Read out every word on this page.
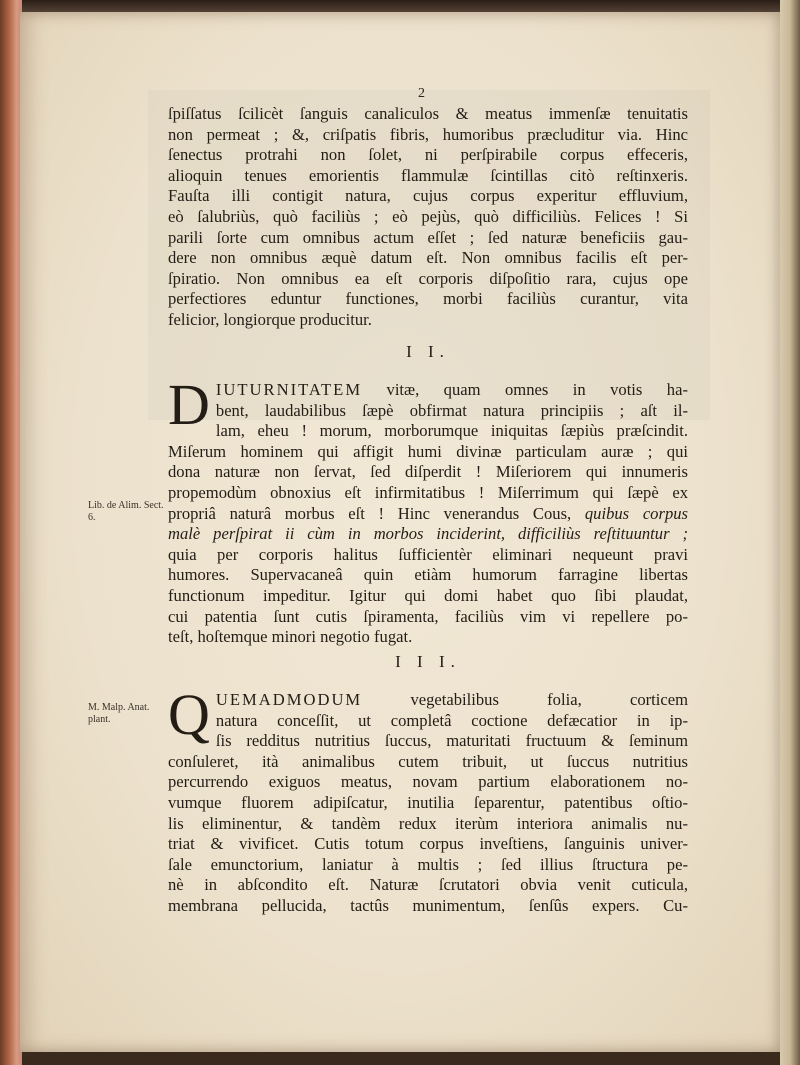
2
ſpiſſatus ſcilicèt ſanguis canaliculos & meatus immenſæ tenuitatis
non permeat ; &, criſpatis fibris, humoribus præcluditur via. Hinc
ſenectus protrahi non ſolet, ni perſpirabile corpus effeceris,
alioquin tenues emorientis flammulæ ſcintillas citò reſtinxeris.
Fauſta illi contigit natura, cujus corpus experitur effluvium,
eò ſalubriùs, quò faciliùs ; eò pejùs, quò difficiliùs. Felices ! Si
parili ſorte cum omnibus actum eſſet ; ſed naturæ beneficiis gau-
dere non omnibus æquè datum eſt. Non omnibus facilis eſt per-
ſpiratio. Non omnibus ea eſt corporis diſpoſitio rara, cujus ope
perfectiores eduntur functiones, morbi faciliùs curantur, vita
felicior, longiorque producitur.
I I.
Lib. de Alim. Sect. 6.
D IUTURNITATEM vitæ, quam omnes in votis ha-
bent, laudabilibus ſæpè obfirmat natura principiis ; aſt il-
lam, eheu ! morum, morborumque iniquitas ſæpiùs præſcindit.
Miſerum hominem qui affigit humi divinæ particulam auræ ; qui
dona naturæ non ſervat, ſed diſperdit ! Miſeriorem qui innumeris
propemodùm obnoxius eſt infirmitatibus ! Miſerrimum qui ſæpè ex
propriâ naturâ morbus eſt ! Hinc venerandus Cous, quibus corpus
malè perſpirat ii cùm in morbos inciderint, difficiliùs reſtituuntur ;
quia per corporis halitus ſufficientèr eliminari nequeunt pravi
humores. Supervacaneâ quin etiàm humorum farragine libertas
functionum impeditur. Igitur qui domi habet quo ſibi plaudat,
cui patentia ſunt cutis ſpiramenta, faciliùs vim vi repellere po-
teſt, hoſtemque minori negotio fugat.
I I I.
M. Malp. Anat. plant. Q UEMADMODUM vegetabilibus folia, corticem
natura conceſſit, ut completâ coctione defæcatior in ip-
ſis redditus nutritius ſuccus, maturitati fructuum & ſeminum
conſuleret, ità animalibus cutem tribuit, ut ſuccus nutritius
percurrendo exiguos meatus, novam partium elaborationem no-
vumque fluorem adipiſcatur, inutilia ſeparentur, patentibus oſtio-
lis eliminentur, & tandèm redux iterùm interiora animalis nu-
triat & vivificet. Cutis totum corpus inveſtiens, ſanguinis univer-
ſale emunctorium, laniatur à multis ; ſed illius ſtructura pe-
nè in abſcondito eſt. Naturæ ſcrutatori obvia venit cuticula,
membrana pellucida, tactûs munimentum, ſenſûs expers. Cu-
